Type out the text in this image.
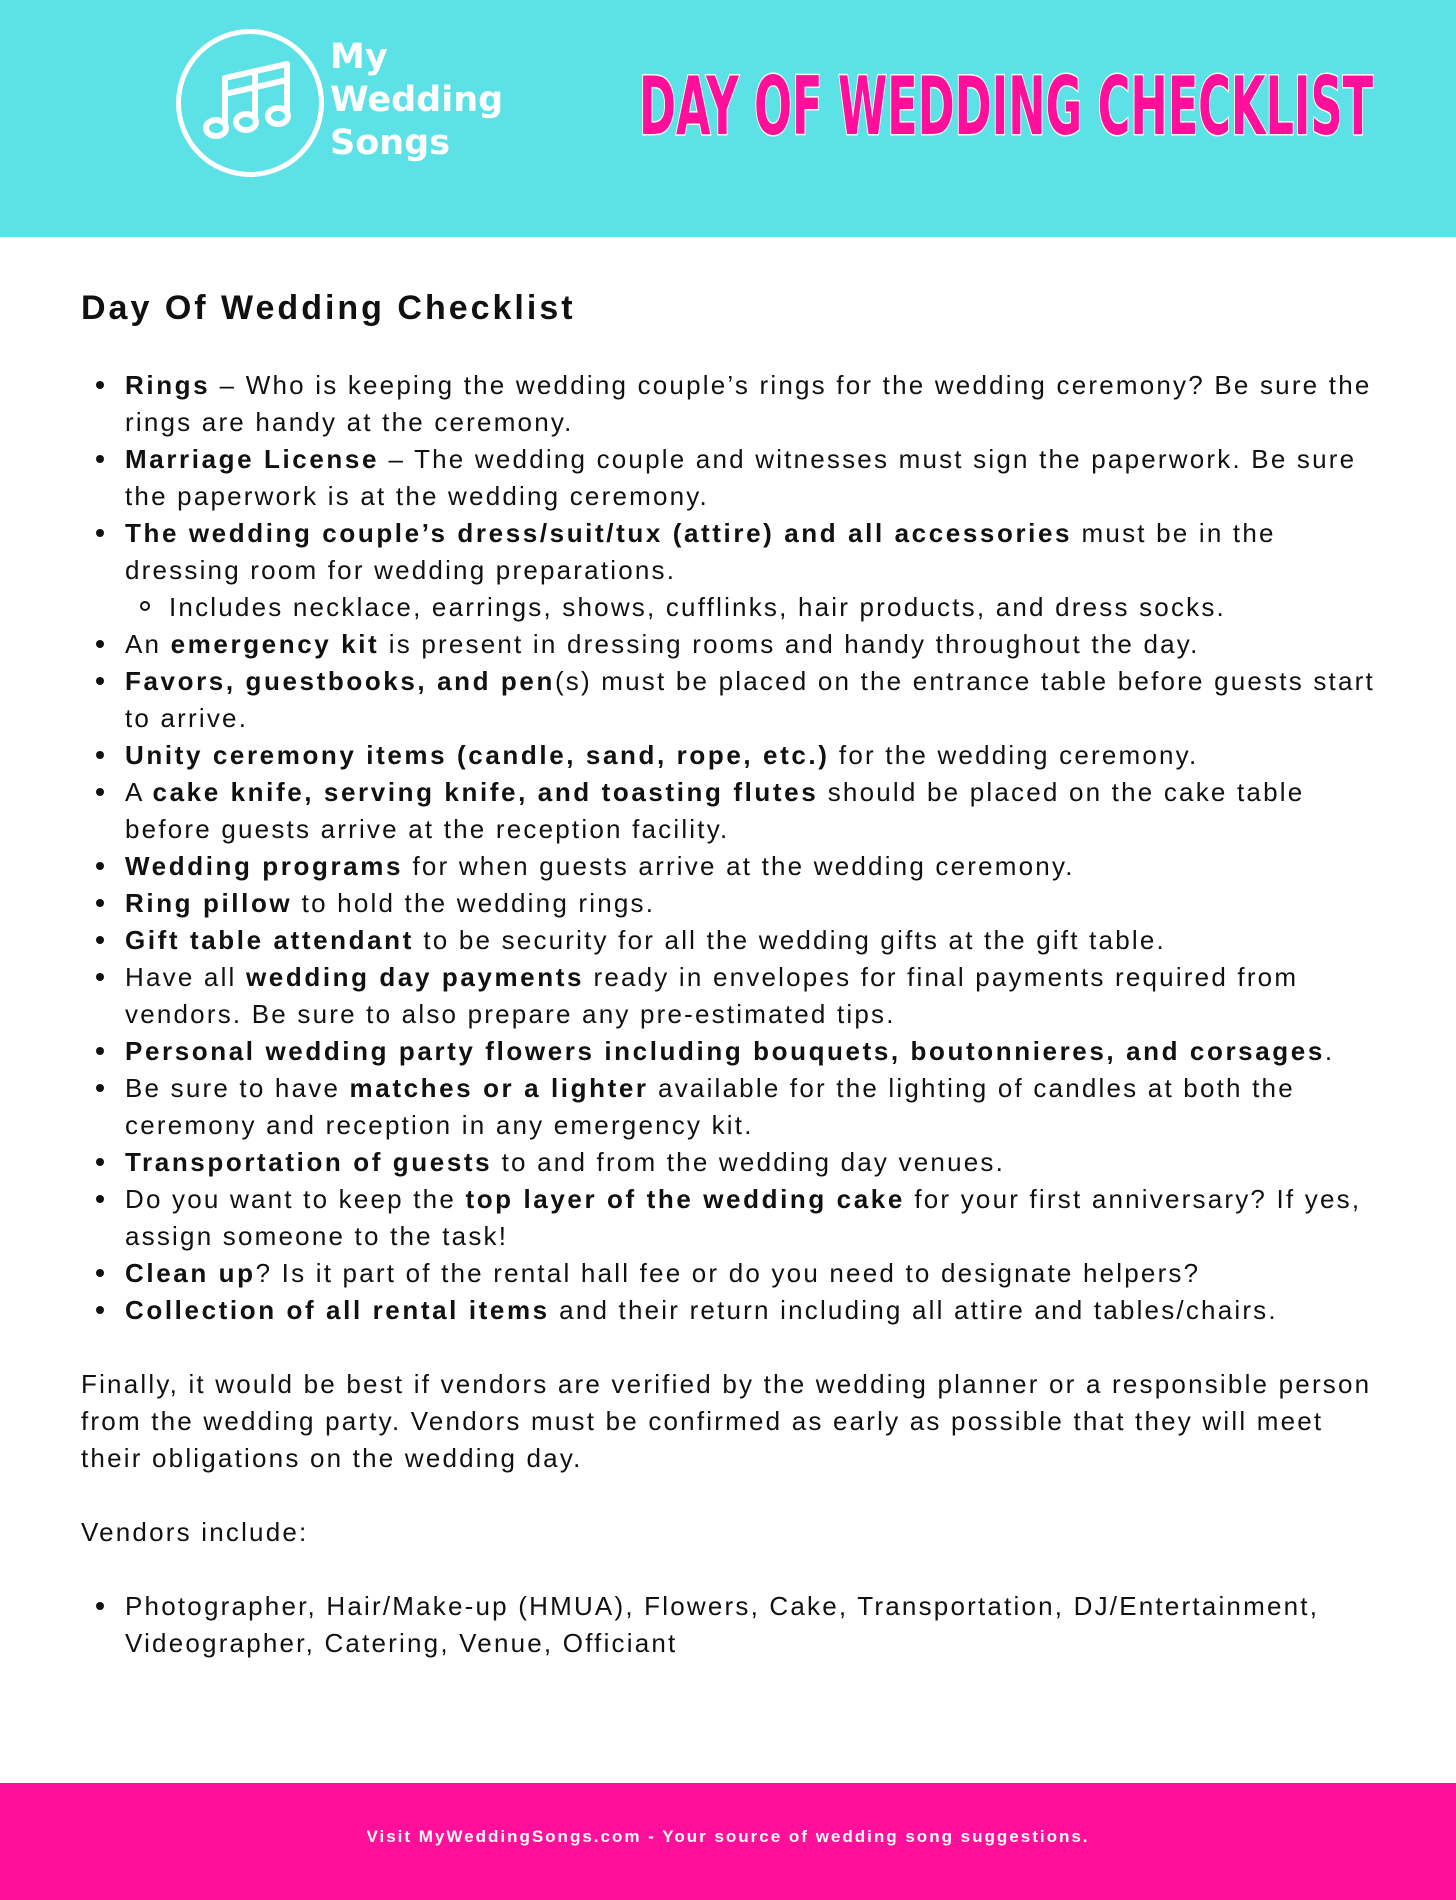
My
Wedding
Songs	DAY OF WEDDING CHECKLIST
Day Of Wedding Checklist
Rings – Who is keeping the wedding couple’s rings for the wedding ceremony? Be sure the rings are handy at the ceremony.
Marriage License – The wedding couple and witnesses must sign the paperwork. Be sure the paperwork is at the wedding ceremony.
The wedding couple’s dress/suit/tux (attire) and all accessories must be in the dressing room for wedding preparations.
Includes necklace, earrings, shows, cufflinks, hair products, and dress socks.
An emergency kit is present in dressing rooms and handy throughout the day.
Favors, guestbooks, and pen(s) must be placed on the entrance table before guests start to arrive.
Unity ceremony items (candle, sand, rope, etc.) for the wedding ceremony.
A cake knife, serving knife, and toasting flutes should be placed on the cake table before guests arrive at the reception facility.
Wedding programs for when guests arrive at the wedding ceremony.
Ring pillow to hold the wedding rings.
Gift table attendant to be security for all the wedding gifts at the gift table.
Have all wedding day payments ready in envelopes for final payments required from vendors. Be sure to also prepare any pre-estimated tips.
Personal wedding party flowers including bouquets, boutonnieres, and corsages.
Be sure to have matches or a lighter available for the lighting of candles at both the ceremony and reception in any emergency kit.
Transportation of guests to and from the wedding day venues.
Do you want to keep the top layer of the wedding cake for your first anniversary? If yes, assign someone to the task!
Clean up? Is it part of the rental hall fee or do you need to designate helpers?
Collection of all rental items and their return including all attire and tables/chairs.

Finally, it would be best if vendors are verified by the wedding planner or a responsible person from the wedding party. Vendors must be confirmed as early as possible that they will meet their obligations on the wedding day.

Vendors include:

Photographer, Hair/Make-up (HMUA), Flowers, Cake, Transportation, DJ/Entertainment, Videographer, Catering, Venue, Officiant
Visit MyWeddingSongs.com - Your source of wedding song suggestions.
